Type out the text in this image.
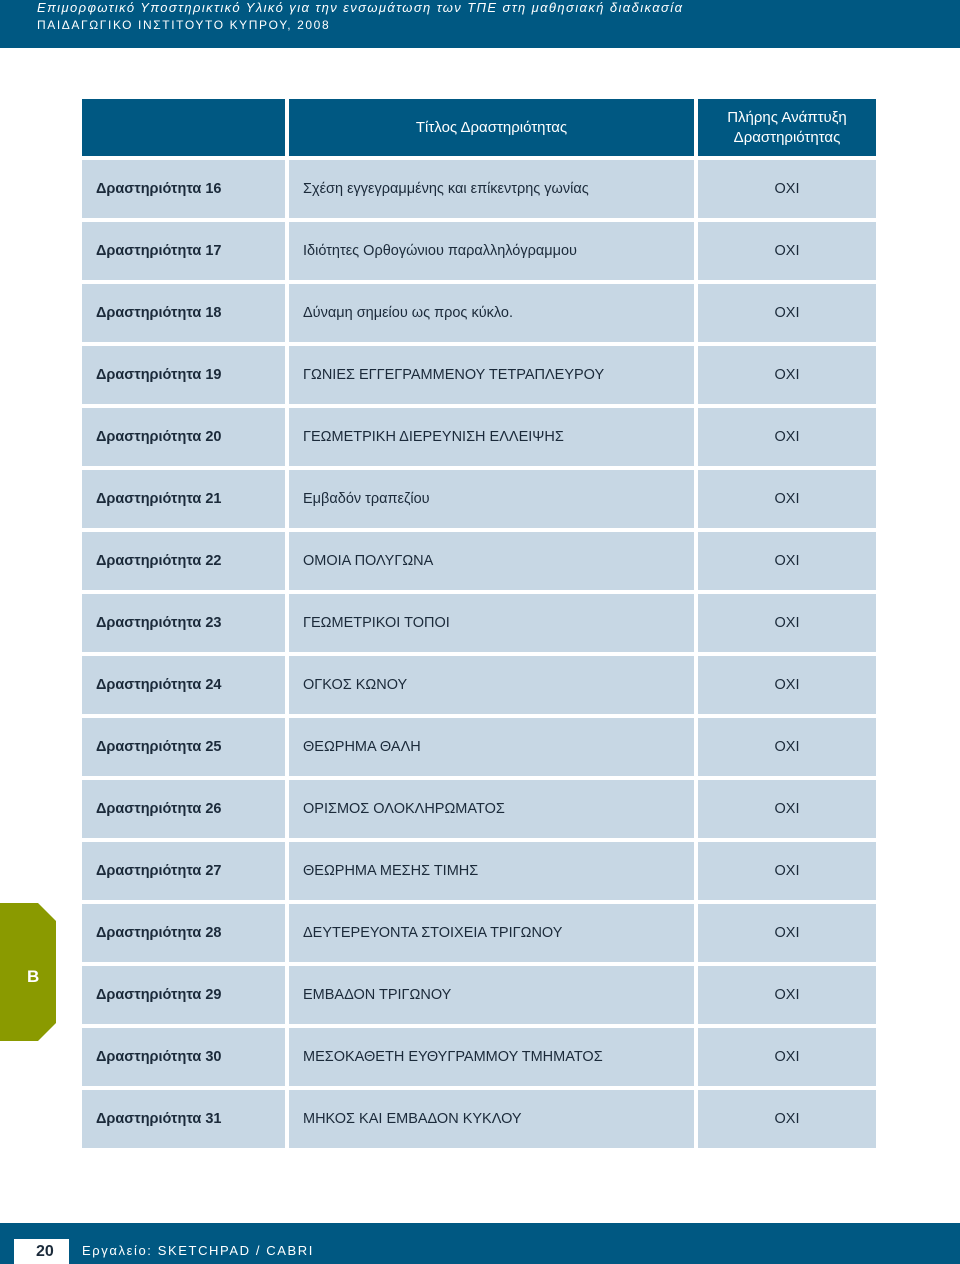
Επιμορφωτικό Υποστηρικτικό Υλικό για την ενσωμάτωση των ΤΠΕ στη μαθησιακή διαδικασία
ΠΑΙΔΑΓΩΓΙΚΟ ΙΝΣΤΙΤΟΥΤΟ ΚΥΠΡΟΥ, 2008
Τίτλος Δραστηριότητας
Πλήρης Ανάπτυξη
Δραστηριότητας
Δραστηριότητα 16	Σχέση εγγεγραμμένης και επίκεντρης γωνίας	ΟΧΙ
Δραστηριότητα 17	Ιδιότητες Ορθογώνιου παραλληλόγραμμου	ΟΧΙ
Δραστηριότητα 18	Δύναμη σημείου ως προς κύκλο.	ΟΧΙ
Δραστηριότητα 19	ΓΩΝΙΕΣ ΕΓΓΕΓΡΑΜΜΕΝΟΥ ΤΕΤΡΑΠΛΕΥΡΟΥ	ΟΧΙ
Δραστηριότητα 20	ΓΕΩΜΕΤΡΙΚΗ ΔΙΕΡΕΥΝΙΣΗ ΕΛΛΕΙΨΗΣ	ΟΧΙ
Δραστηριότητα 21	Εμβαδόν τραπεζίου	ΟΧΙ
Δραστηριότητα 22	ΟΜΟΙΑ ΠΟΛΥΓΩΝΑ	ΟΧΙ
Δραστηριότητα 23	ΓΕΩΜΕΤΡΙΚΟΙ ΤΟΠΟΙ	ΟΧΙ
Δραστηριότητα 24	ΟΓΚΟΣ ΚΩΝΟΥ	ΟΧΙ
Δραστηριότητα 25	ΘΕΩΡΗΜΑ ΘΑΛΗ	ΟΧΙ
Δραστηριότητα 26	ΟΡΙΣΜΟΣ ΟΛΟΚΛΗΡΩΜΑΤΟΣ	ΟΧΙ
Δραστηριότητα 27	ΘΕΩΡΗΜΑ ΜΕΣΗΣ ΤΙΜΗΣ	ΟΧΙ
Δραστηριότητα 28	ΔΕΥΤΕΡΕΥΟΝΤΑ ΣΤΟΙΧΕΙΑ ΤΡΙΓΩΝΟΥ	ΟΧΙ
Δραστηριότητα 29	ΕΜΒΑΔΟΝ ΤΡΙΓΩΝΟΥ	ΟΧΙ
Δραστηριότητα 30	ΜΕΣΟΚΑΘΕΤΗ ΕΥΘΥΓΡΑΜΜΟΥ ΤΜΗΜΑΤΟΣ	ΟΧΙ
Δραστηριότητα 31	ΜΗΚΟΣ ΚΑΙ ΕΜΒΑΔΟΝ ΚΥΚΛΟΥ	ΟΧΙ
Β
20 Εργαλείο: SKETCHPAD / CABRI
